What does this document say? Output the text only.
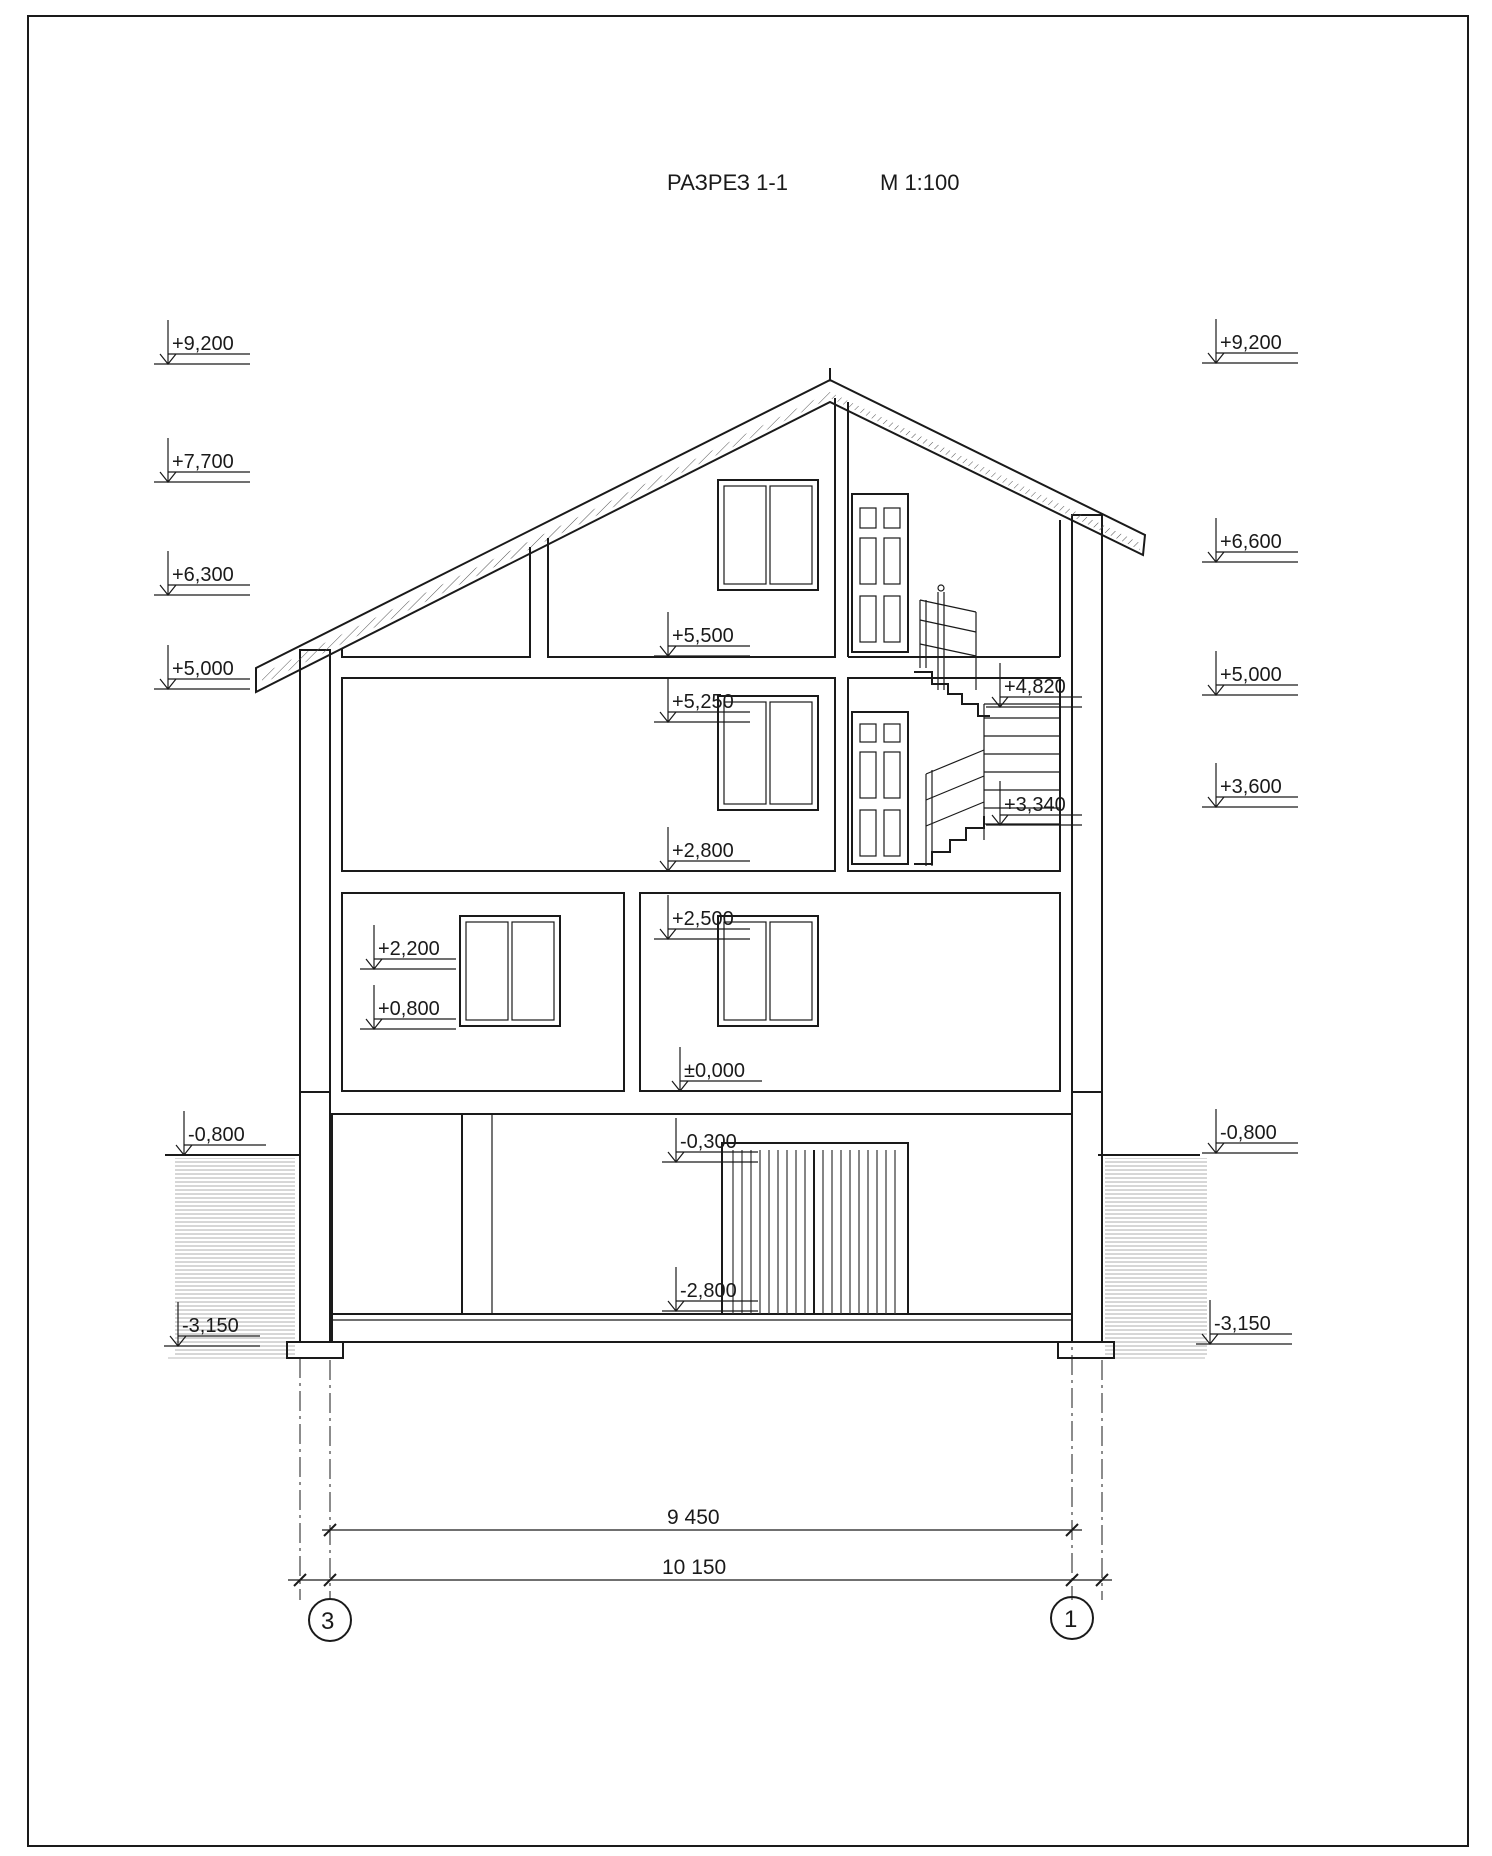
РАЗРЕЗ 1-1	М 1:100
9 450
10 150
3	1
+9,200
+7,700
+6,300
+5,000
-0,800
-3,150
+9,200
+6,600
+5,000
+3,600
-0,800
-3,150
+5,500
+5,250
+4,820
+3,340
+2,800
+2,500
+2,200
+0,800
±0,000
-0,300
-2,800
